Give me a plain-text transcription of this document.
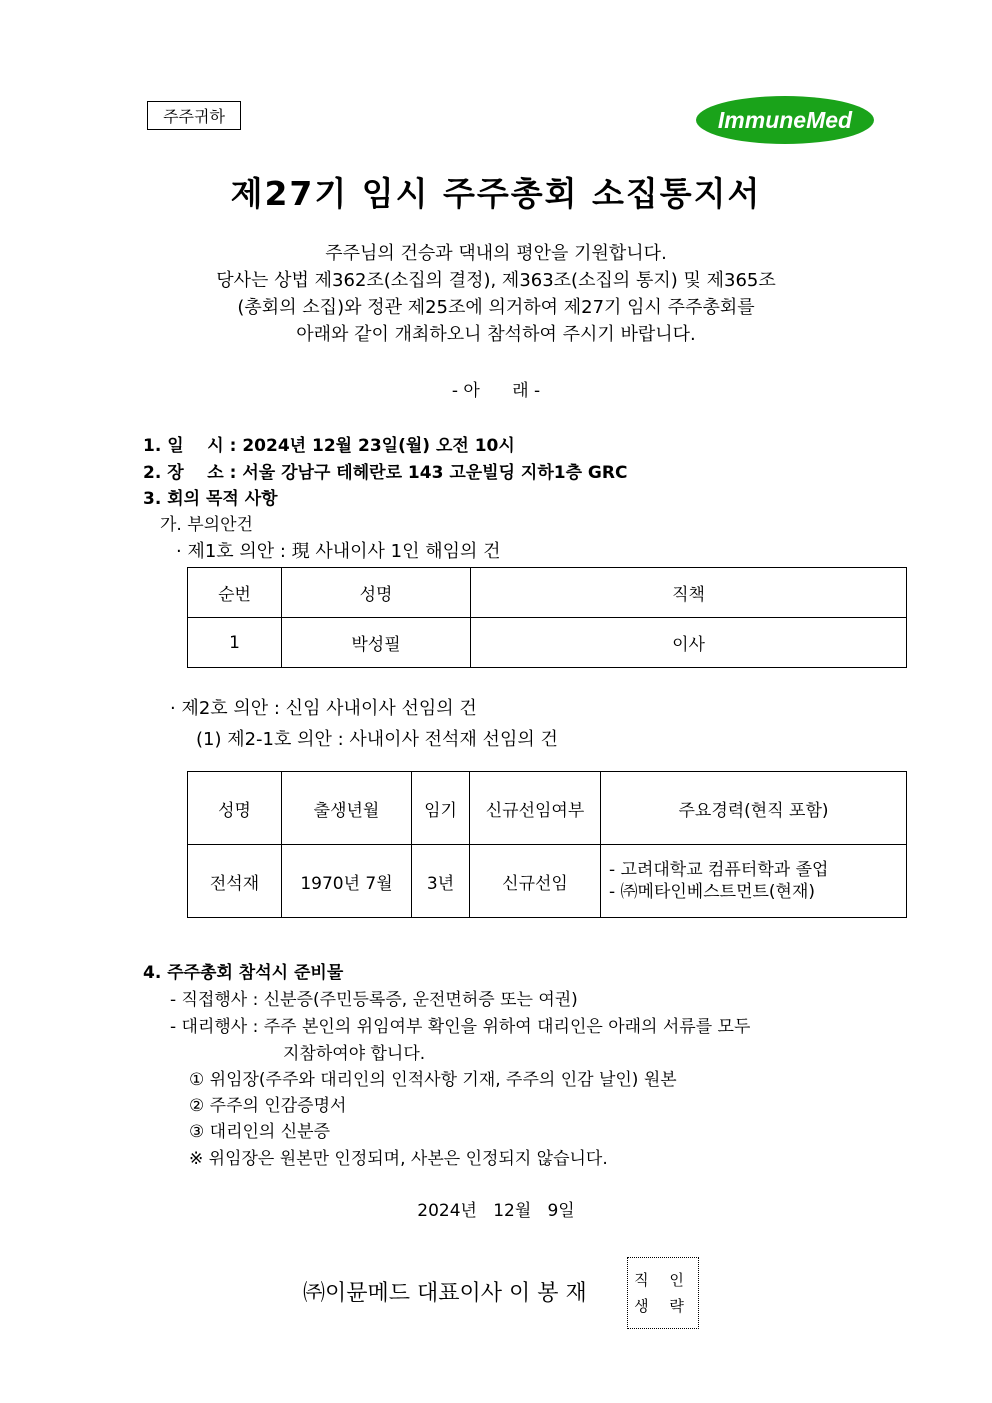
주주귀하	ImmuneMed
제27기 임시 주주총회 소집통지서
주주님의 건승과 댁내의 평안을 기원합니다.
당사는 상법 제362조(소집의 결정), 제363조(소집의 통지) 및 제365조
(총회의 소집)와 정관 제25조에 의거하여 제27기 임시 주주총회를
아래와 같이 개최하오니 참석하여 주시기 바랍니다.
- 아      래 -
1. 일    시 : 2024년 12월 23일(월) 오전 10시
2. 장    소 : 서울 강남구 테헤란로 143 고운빌딩 지하1층 GRC
3. 회의 목적 사항
가. 부의안건
· 제1호 의안 : 現 사내이사 1인 해임의 건
순번	성명	직책
1	박성필	이사
· 제2호 의안 : 신임 사내이사 선임의 건
(1) 제2-1호 의안 : 사내이사 전석재 선임의 건
성명	출생년월	임기	신규선임여부	주요경력(현직 포함)
전석재	1970년 7월	3년	신규선임	- 고려대학교 컴퓨터학과 졸업
- ㈜메타인베스트먼트(현재)
4. 주주총회 참석시 준비물
- 직접행사 : 신분증(주민등록증, 운전면허증 또는 여권)
- 대리행사 : 주주 본인의 위임여부 확인을 위하여 대리인은 아래의 서류를 모두
지참하여야 합니다.
① 위임장(주주와 대리인의 인적사항 기재, 주주의 인감 날인) 원본
② 주주의 인감증명서
③ 대리인의 신분증
※ 위임장은 원본만 인정되며, 사본은 인정되지 않습니다.
2024년   12월   9일
㈜이뮨메드 대표이사 이 봉 재
직 인
생 략
